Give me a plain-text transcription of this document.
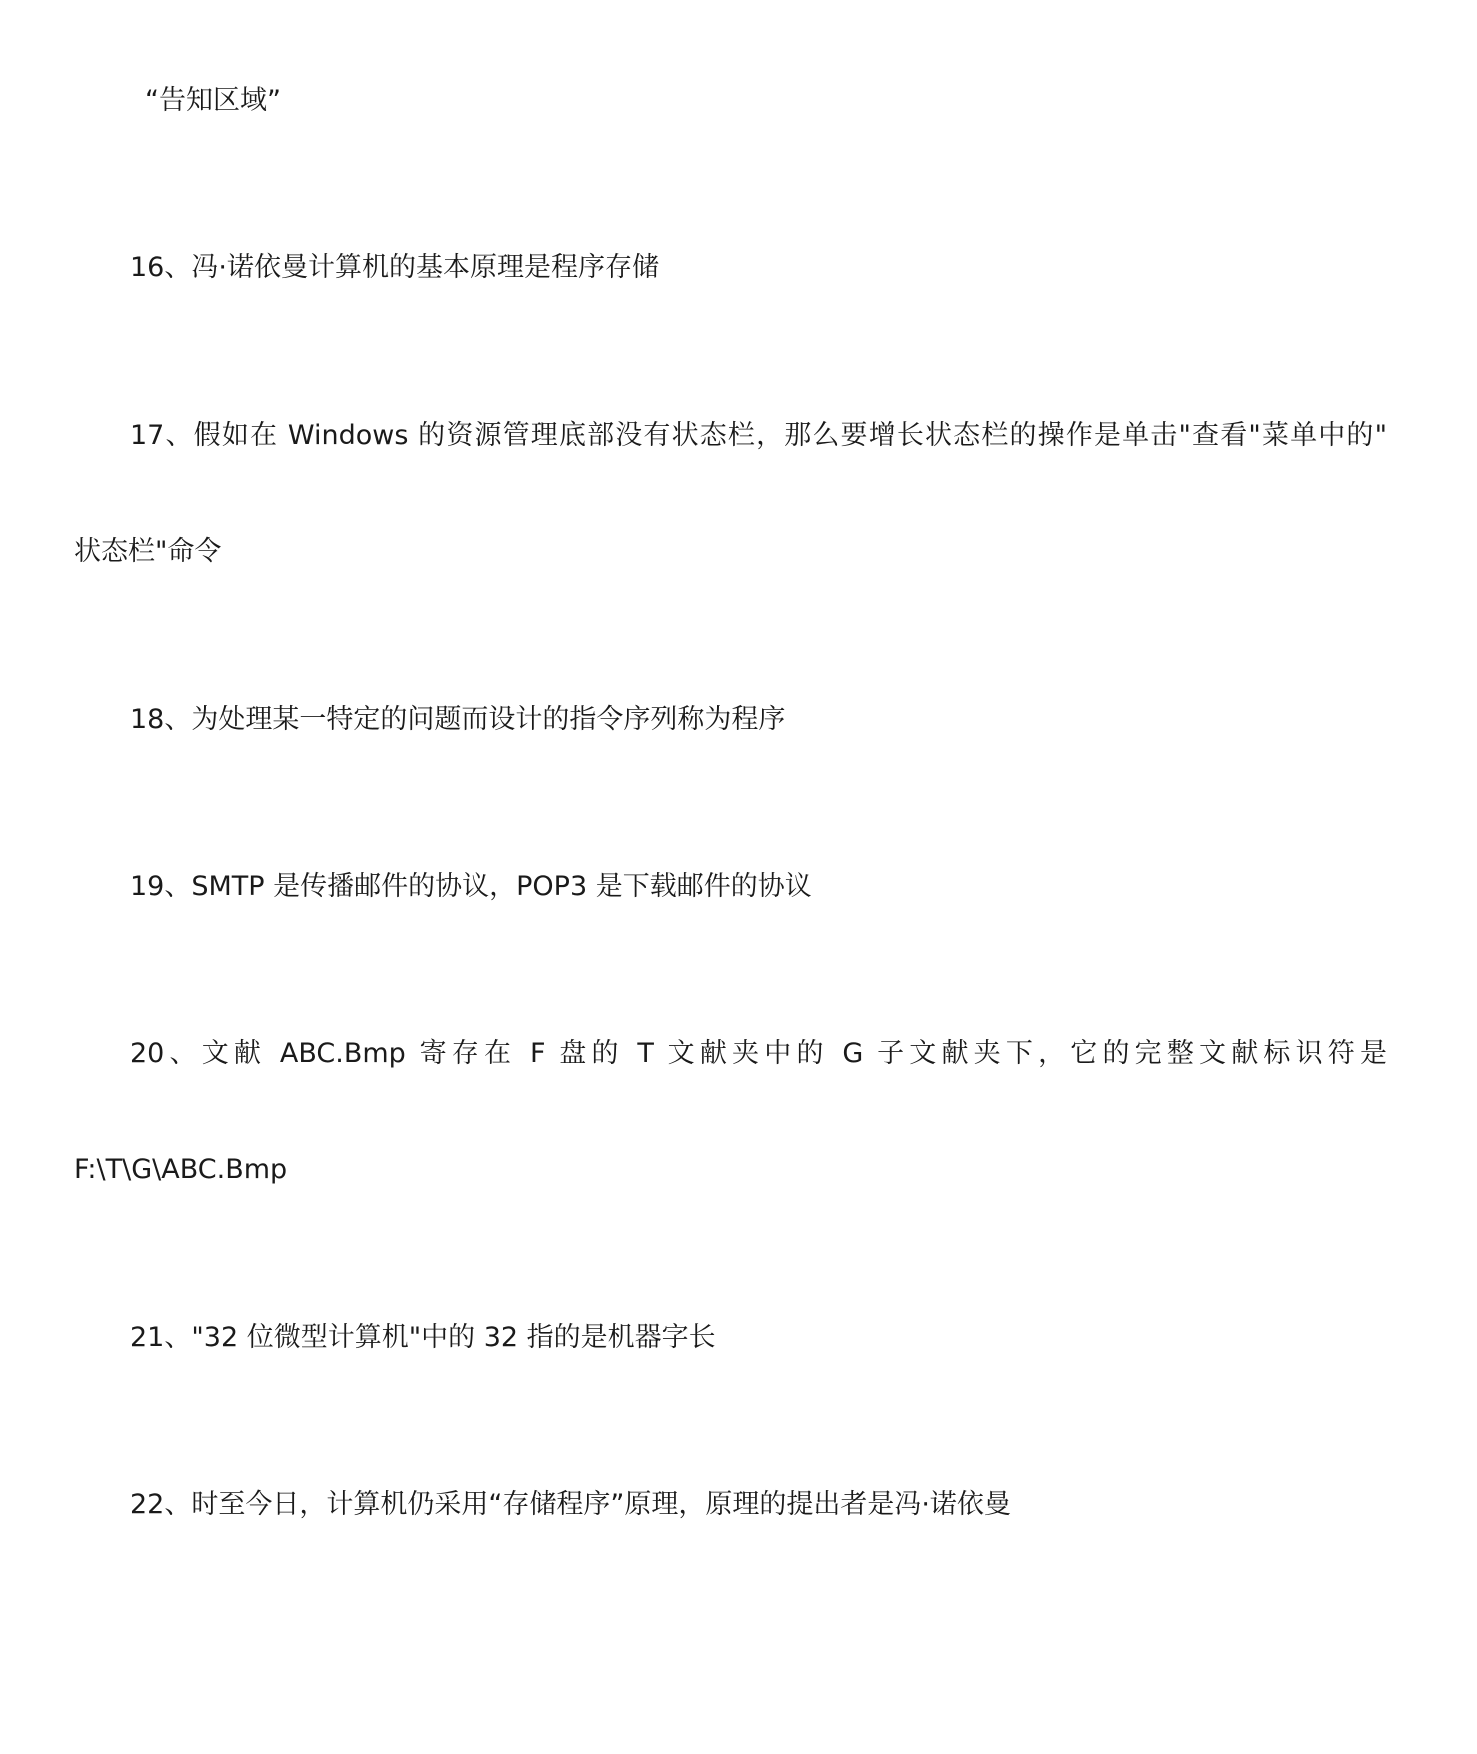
“告知区域”
16、冯·诺依曼计算机的基本原理是程序存储
17、假如在 Windows 的资源管理底部没有状态栏，那么要增长状态栏的操作是单击"查看"菜单中的"
状态栏"命令
18、为处理某一特定的问题而设计的指令序列称为程序
19、SMTP 是传播邮件的协议，POP3 是下载邮件的协议
20、文献 ABC.Bmp 寄存在 F 盘的 T 文献夹中的 G 子文献夹下，它的完整文献标识符是
F:\T\G\ABC.Bmp
21、"32 位微型计算机"中的 32 指的是机器字长
22、时至今日，计算机仍采用“存储程序”原理，原理的提出者是冯·诺依曼
